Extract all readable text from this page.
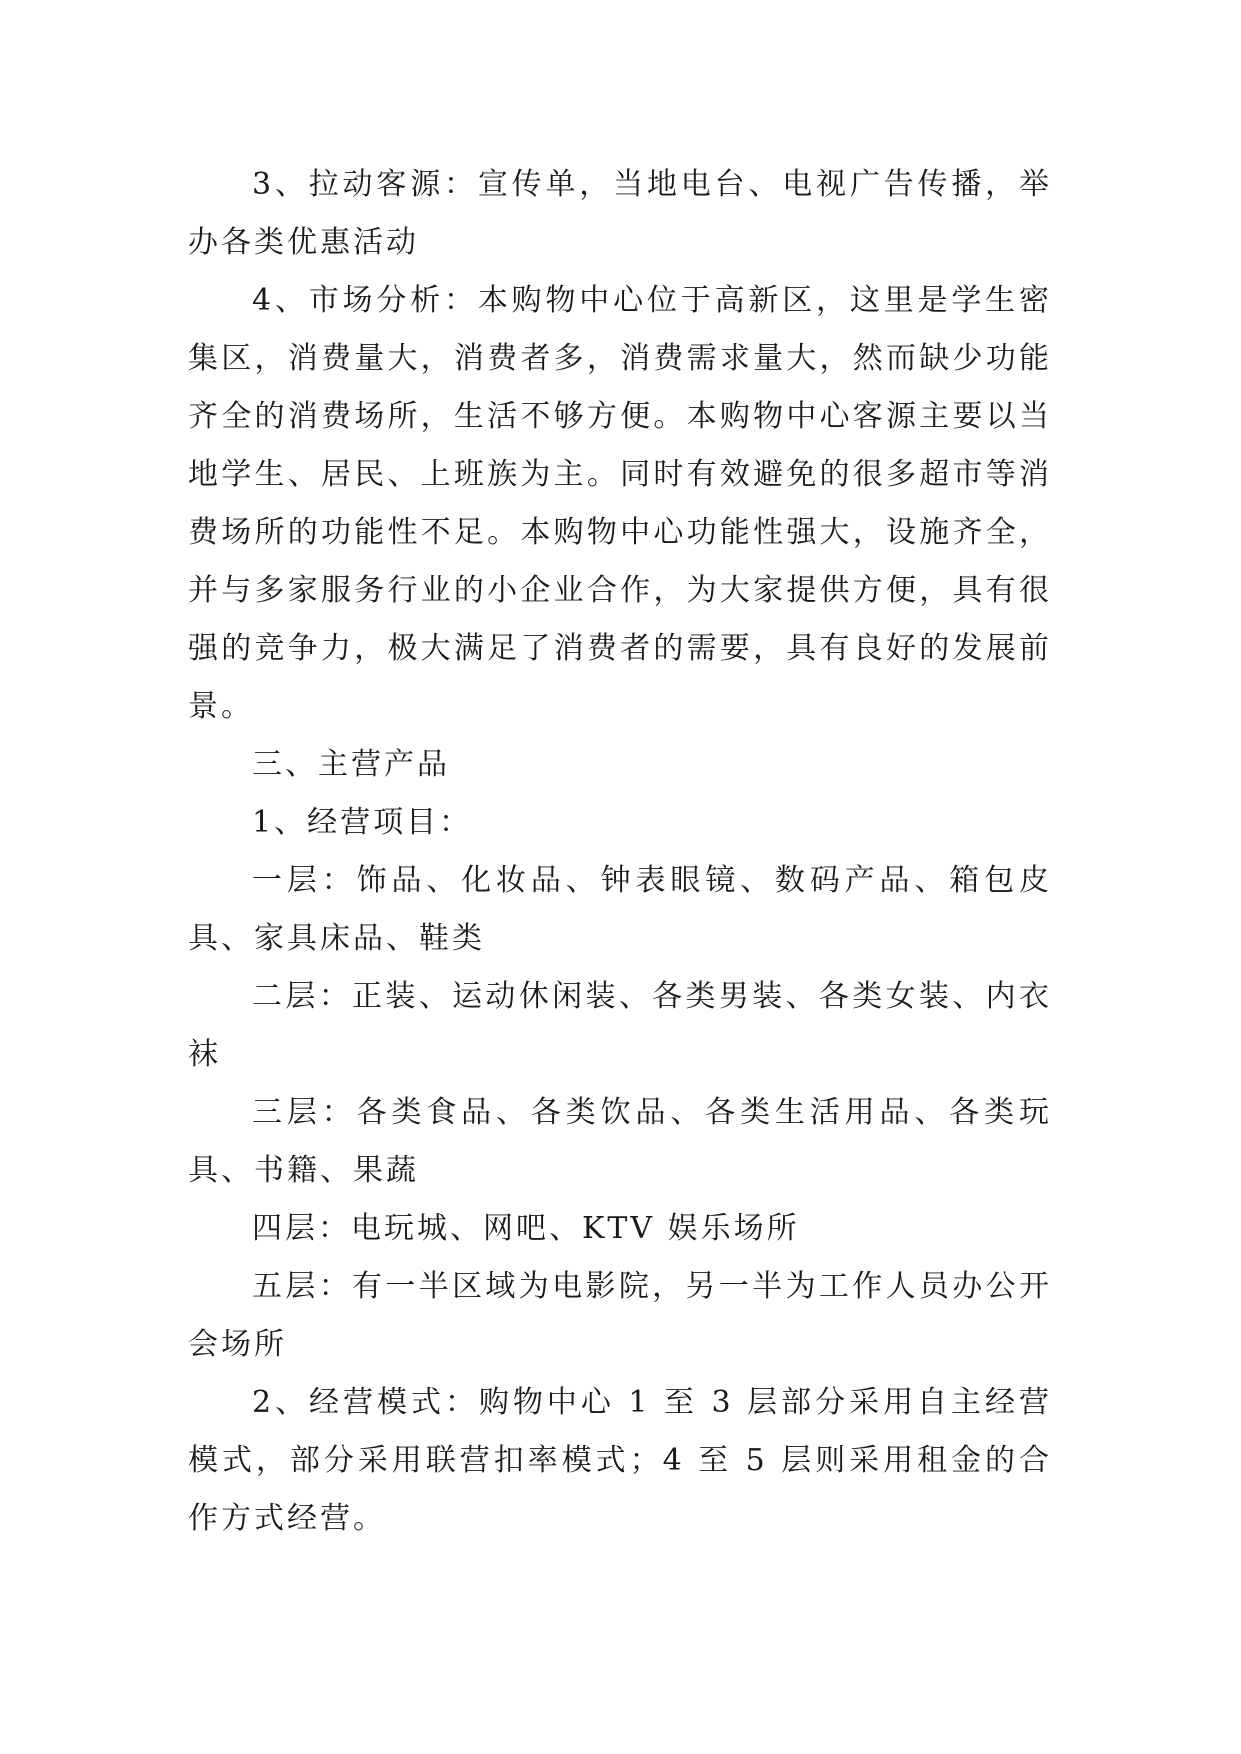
3、拉动客源：宣传单，当地电台、电视广告传播，举办各类优惠活动

4、市场分析：本购物中心位于高新区，这里是学生密集区，消费量大，消费者多，消费需求量大，然而缺少功能齐全的消费场所，生活不够方便。本购物中心客源主要以当地学生、居民、上班族为主。同时有效避免的很多超市等消费场所的功能性不足。本购物中心功能性强大，设施齐全，并与多家服务行业的小企业合作，为大家提供方便，具有很强的竞争力，极大满足了消费者的需要，具有良好的发展前景。

三、主营产品

1、经营项目：

一层：饰品、化妆品、钟表眼镜、数码产品、箱包皮具、家具床品、鞋类

二层：正装、运动休闲装、各类男装、各类女装、内衣袜

三层：各类食品、各类饮品、各类生活用品、各类玩具、书籍、果蔬

四层：电玩城、网吧、KTV 娱乐场所

五层：有一半区域为电影院，另一半为工作人员办公开会场所

2、经营模式：购物中心 1 至 3 层部分采用自主经营模式，部分采用联营扣率模式；4 至 5 层则采用租金的合作方式经营。
